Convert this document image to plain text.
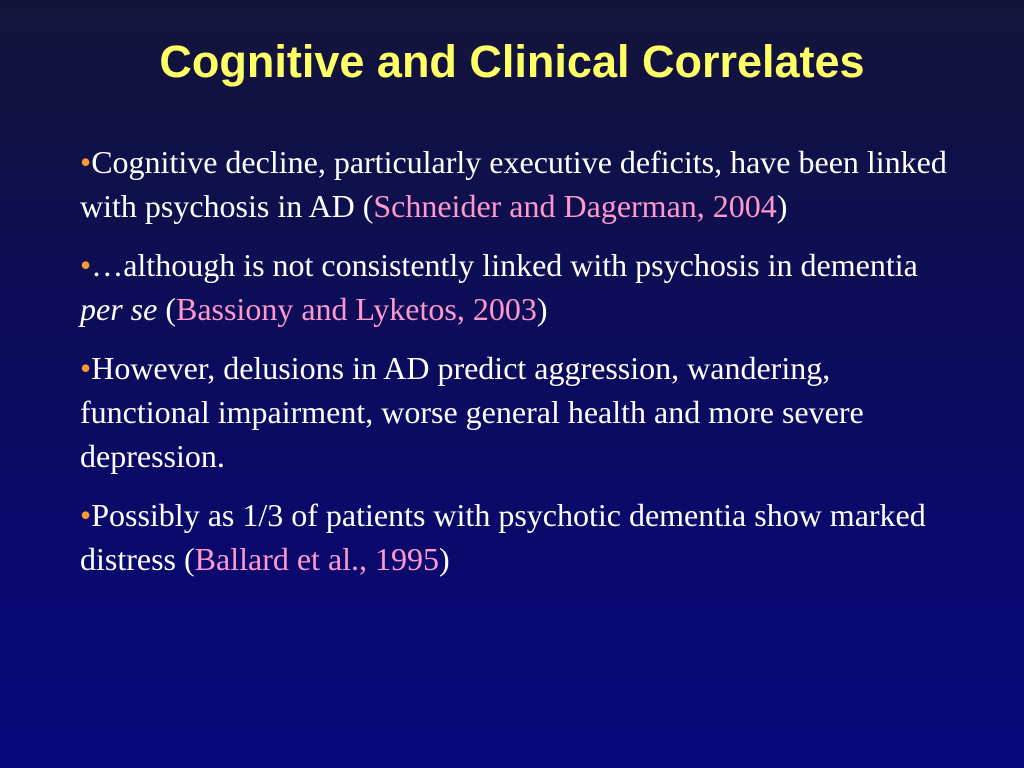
Cognitive and Clinical Correlates
•Cognitive decline, particularly executive deficits, have been linked with psychosis in AD (Schneider and Dagerman, 2004)
•…although is not consistently linked with psychosis in dementia per se (Bassiony and Lyketos, 2003)
•However, delusions in AD predict aggression, wandering, functional impairment, worse general health and more severe depression.
•Possibly as 1/3 of patients with psychotic dementia show marked distress (Ballard et al., 1995)
